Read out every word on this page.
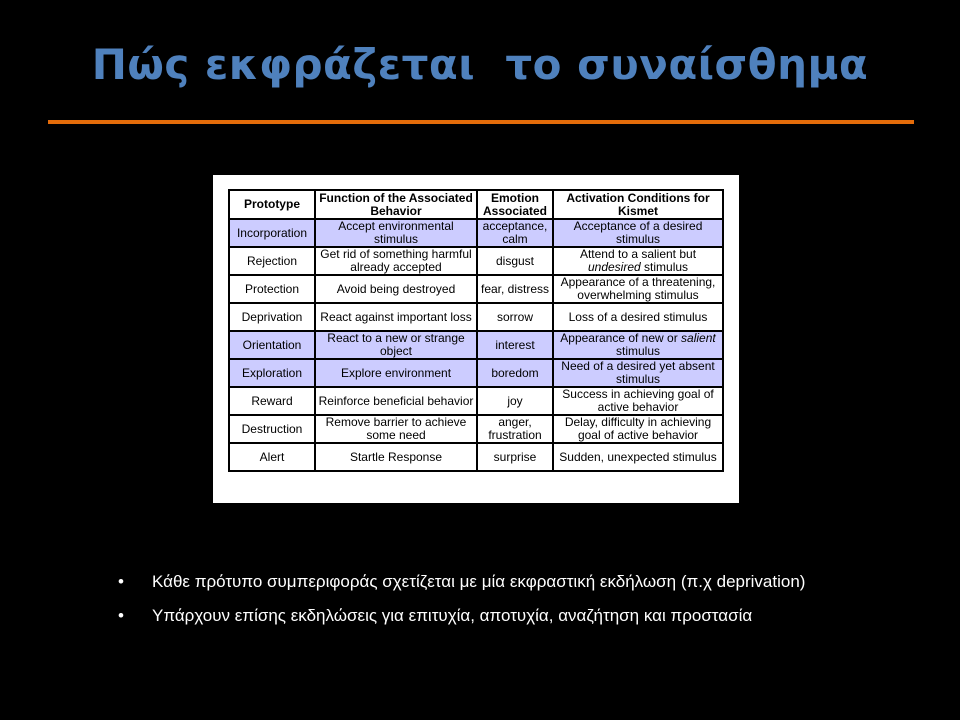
Πώς εκφράζεται  το συναίσθημα
Prototype	Function of the Associated Behavior	Emotion Associated	Activation Conditions for Kismet
Incorporation	Accept environmental stimulus	acceptance, calm	Acceptance of a desired stimulus
Rejection	Get rid of something harmful already accepted	disgust	Attend to a salient but undesired stimulus
Protection	Avoid being destroyed	fear, distress	Appearance of a threatening, overwhelming stimulus
Deprivation	React against important loss	sorrow	Loss of a desired stimulus
Orientation	React to a new or strange object	interest	Appearance of new or salient stimulus
Exploration	Explore environment	boredom	Need of a desired yet absent stimulus
Reward	Reinforce beneficial behavior	joy	Success in achieving goal of active behavior
Destruction	Remove barrier to achieve some need	anger, frustration	Delay, difficulty in achieving goal of active behavior
Alert	Startle Response	surprise	Sudden, unexpected stimulus
•	Κάθε πρότυπο συμπεριφοράς σχετίζεται με μία εκφραστική εκδήλωση (π.χ deprivation)
•	Υπάρχουν επίσης εκδηλώσεις για επιτυχία, αποτυχία, αναζήτηση και προστασία
